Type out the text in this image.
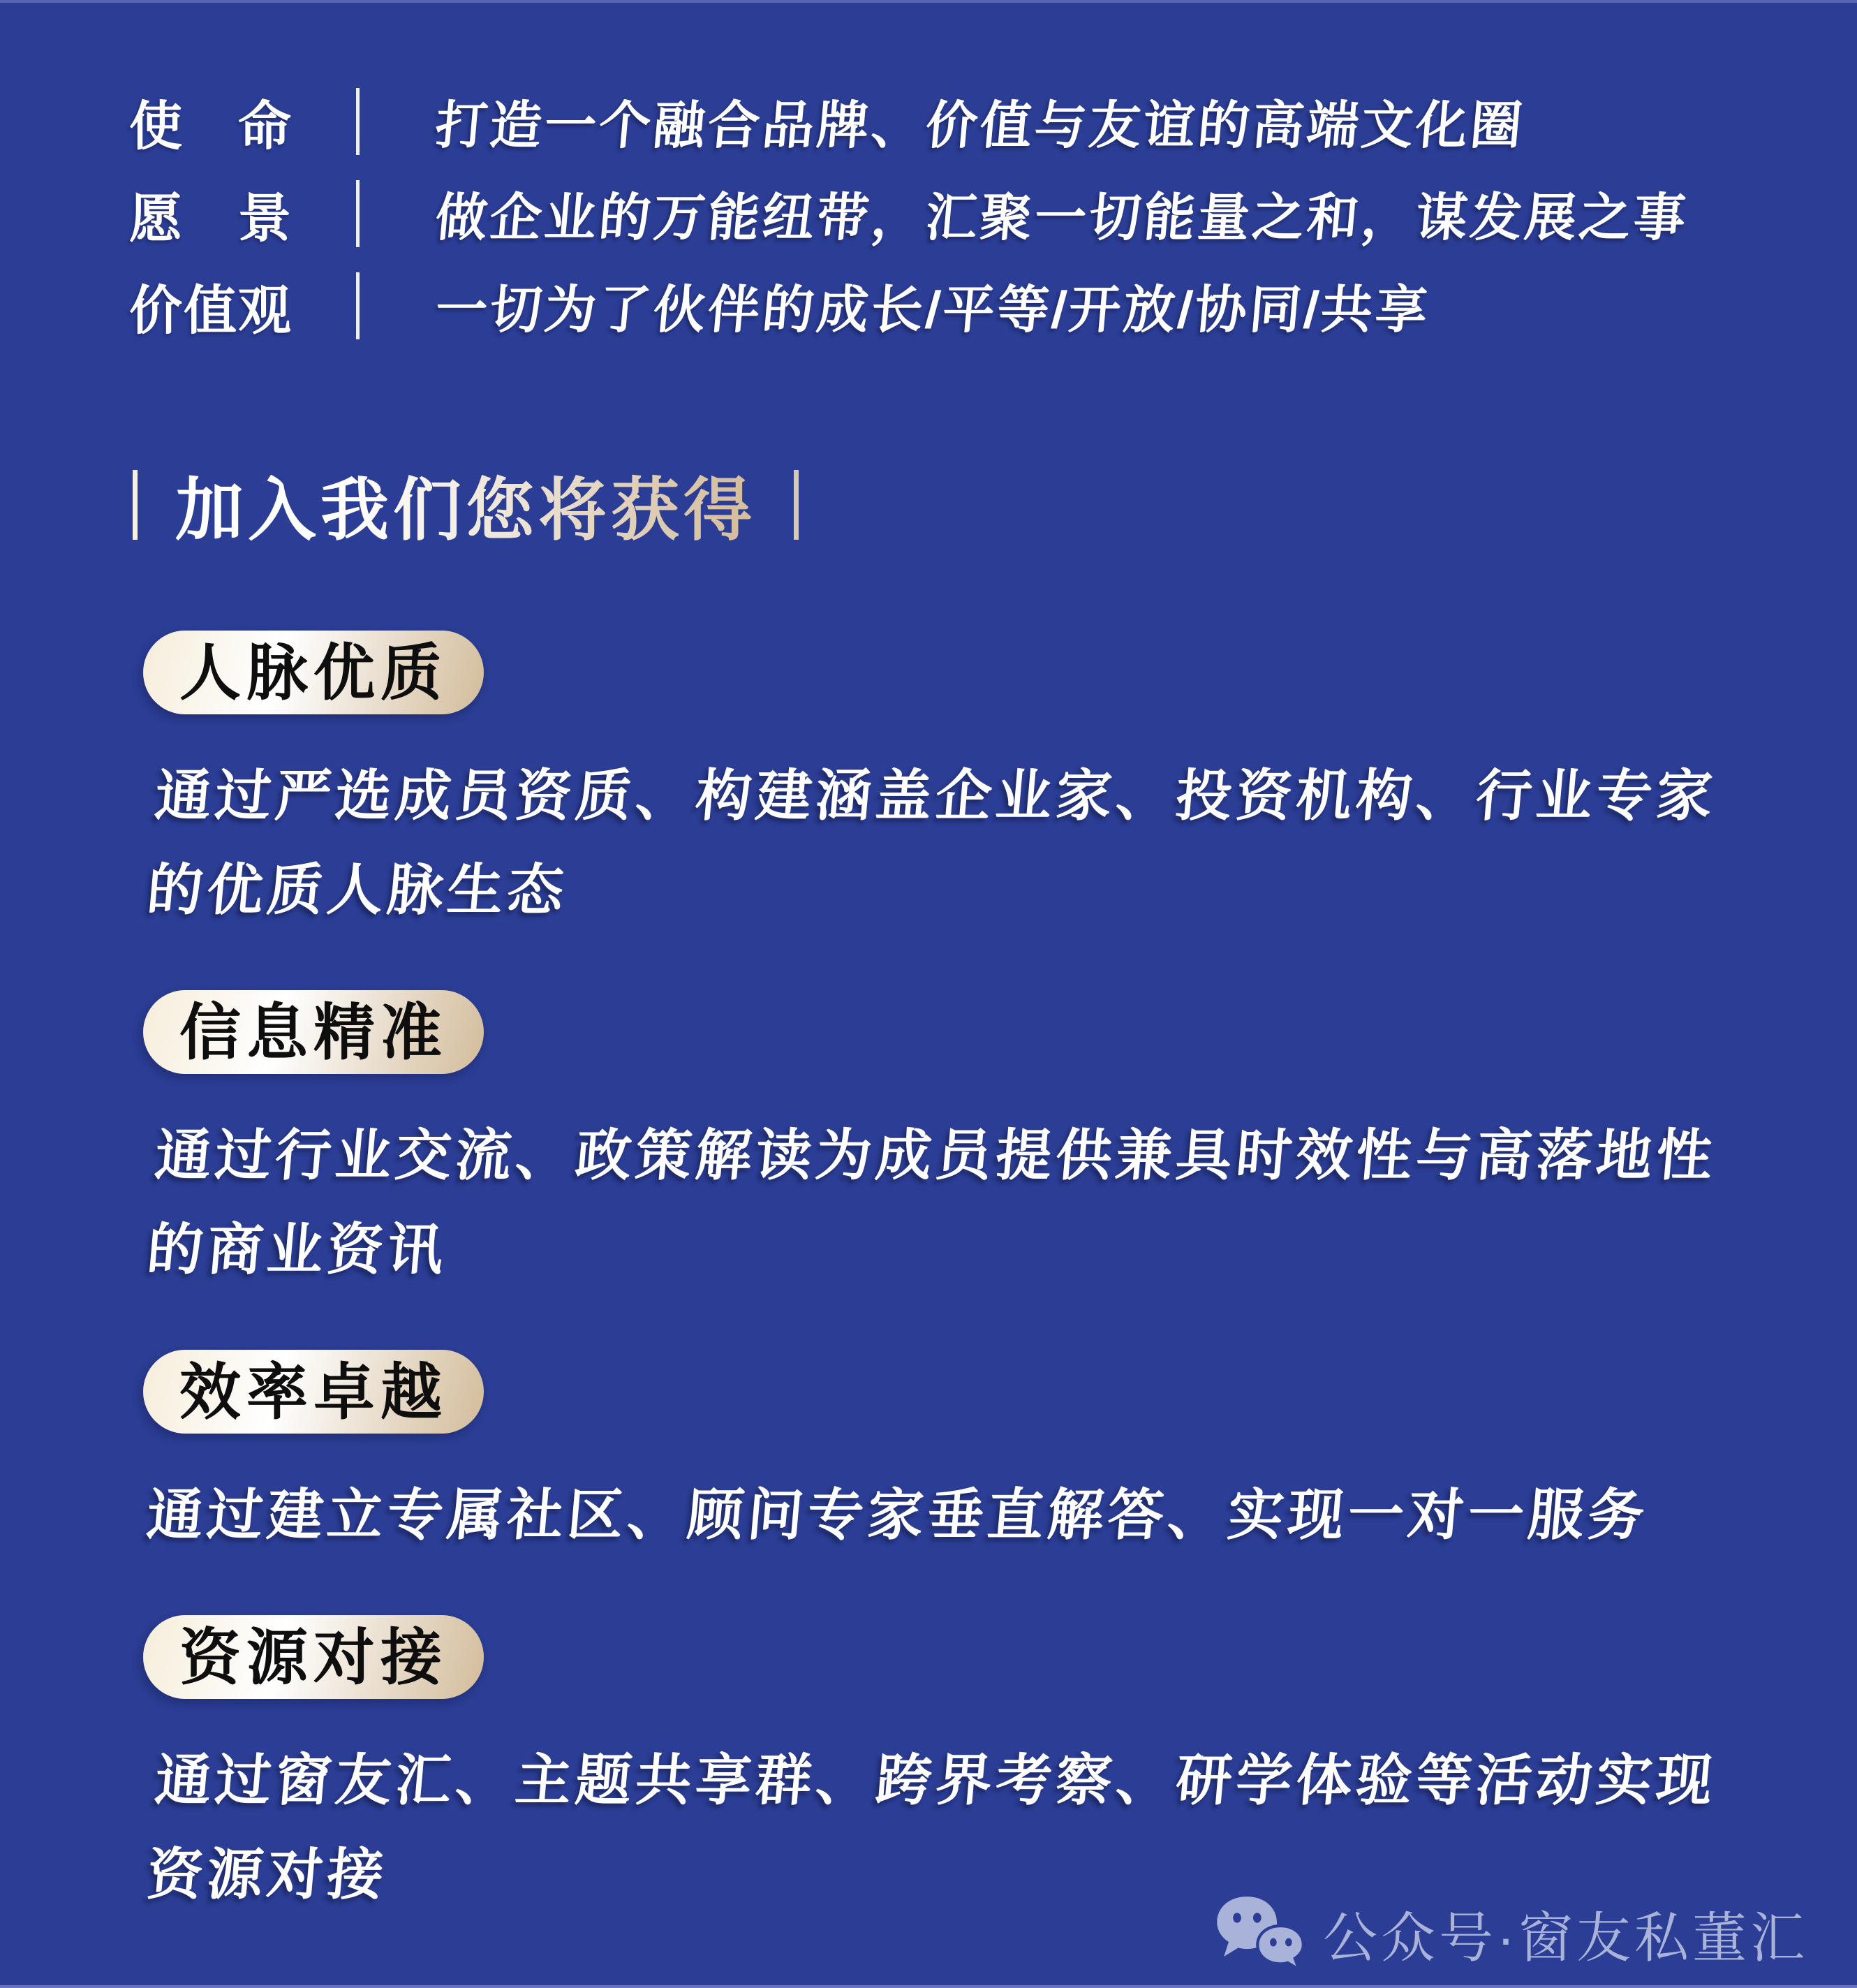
使　命	打造一个融合品牌、价值与友谊的高端文化圈
愿　景	做企业的万能纽带，汇聚一切能量之和，谋发展之事
价值观	一切为了伙伴的成长/平等/开放/协同/共享
加入我们您将获得
人脉优质
通过严选成员资质、构建涵盖企业家、投资机构、行业专家
的优质人脉生态
信息精准
通过行业交流、政策解读为成员提供兼具时效性与高落地性
的商业资讯
效率卓越
通过建立专属社区、顾问专家垂直解答、实现一对一服务
资源对接
通过窗友汇、主题共享群、跨界考察、研学体验等活动实现
资源对接
公众号·窗友私董汇
